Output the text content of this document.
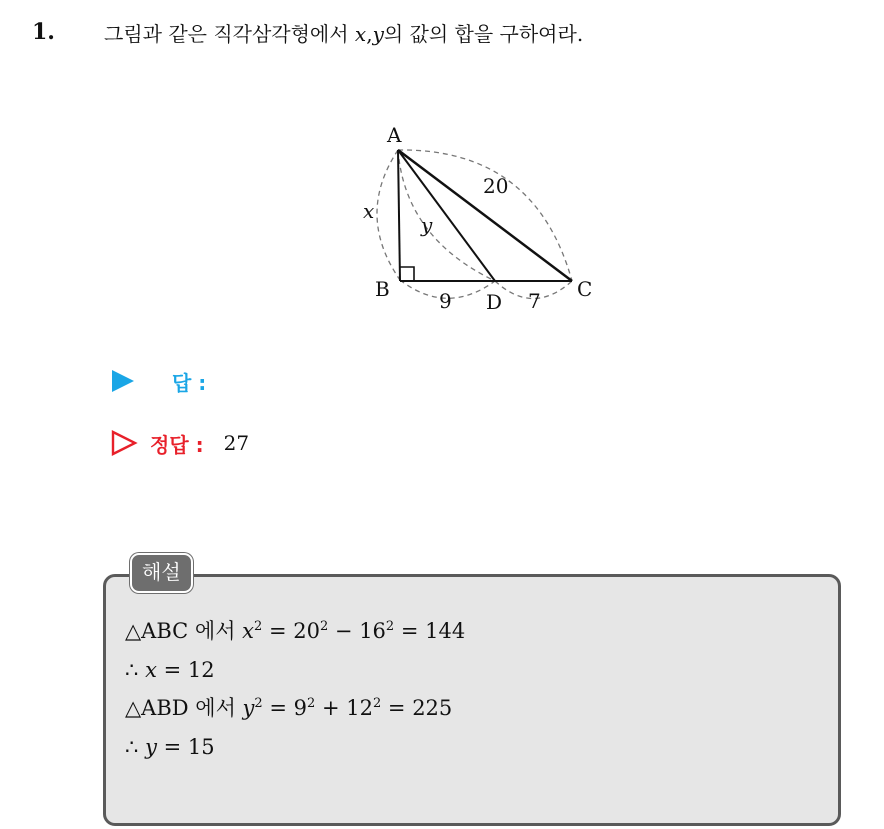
1.	그림과 같은 직각삼각형에서 x,y의 값의 합을 구하여라.
A
B	C
D
20
x
y
9	7
답 :
정답 : 27
해설
△ABC 에서 $x^2 = 20^2 - 16^2 = 144$
∴ x = 12
△ABD 에서 $y^2 = 9^2 + 12^2 = 225$
∴ y = 15
